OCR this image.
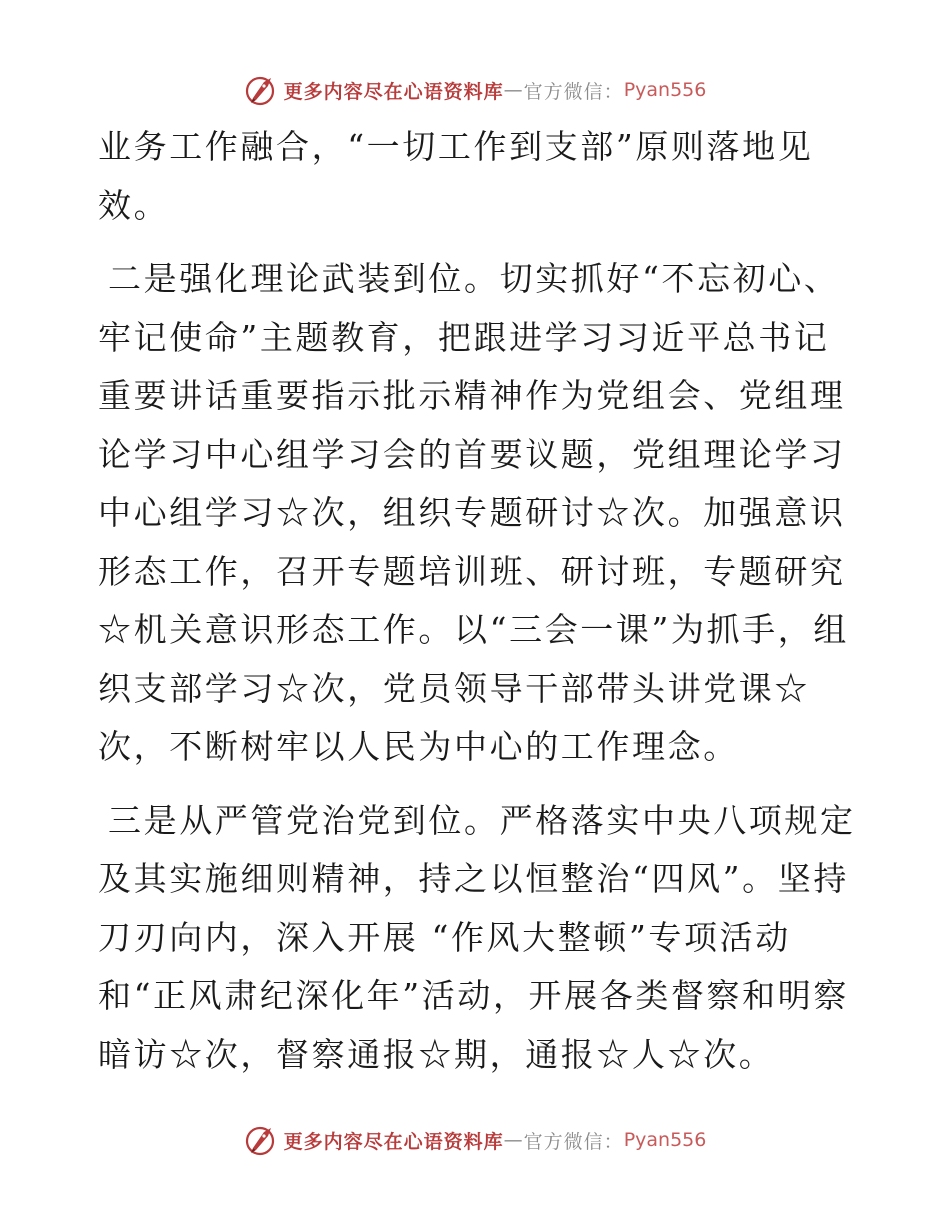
更多内容尽在心语资料库 — 官方微信： Pyan556

业务工作融合，“一切工作到支部”原则落地见效。

二是强化理论武装到位。切实抓好“不忘初心、牢记使命”主题教育，把跟进学习习近平总书记重要讲话重要指示批示精神作为党组会、党组理论学习中心组学习会的首要议题，党组理论学习中心组学习☆次，组织专题研讨☆次。加强意识形态工作，召开专题培训班、研讨班，专题研究☆机关意识形态工作。以“三会一课”为抓手，组织支部学习☆次，党员领导干部带头讲党课☆次，不断树牢以人民为中心的工作理念。

三是从严管党治党到位。严格落实中央八项规定及其实施细则精神，持之以恒整治“四风”。坚持刀刃向内，深入开展 “作风大整顿”专项活动和“正风肃纪深化年”活动，开展各类督察和明察暗访☆次，督察通报☆期，通报☆人☆次。

更多内容尽在心语资料库 — 官方微信： Pyan556
